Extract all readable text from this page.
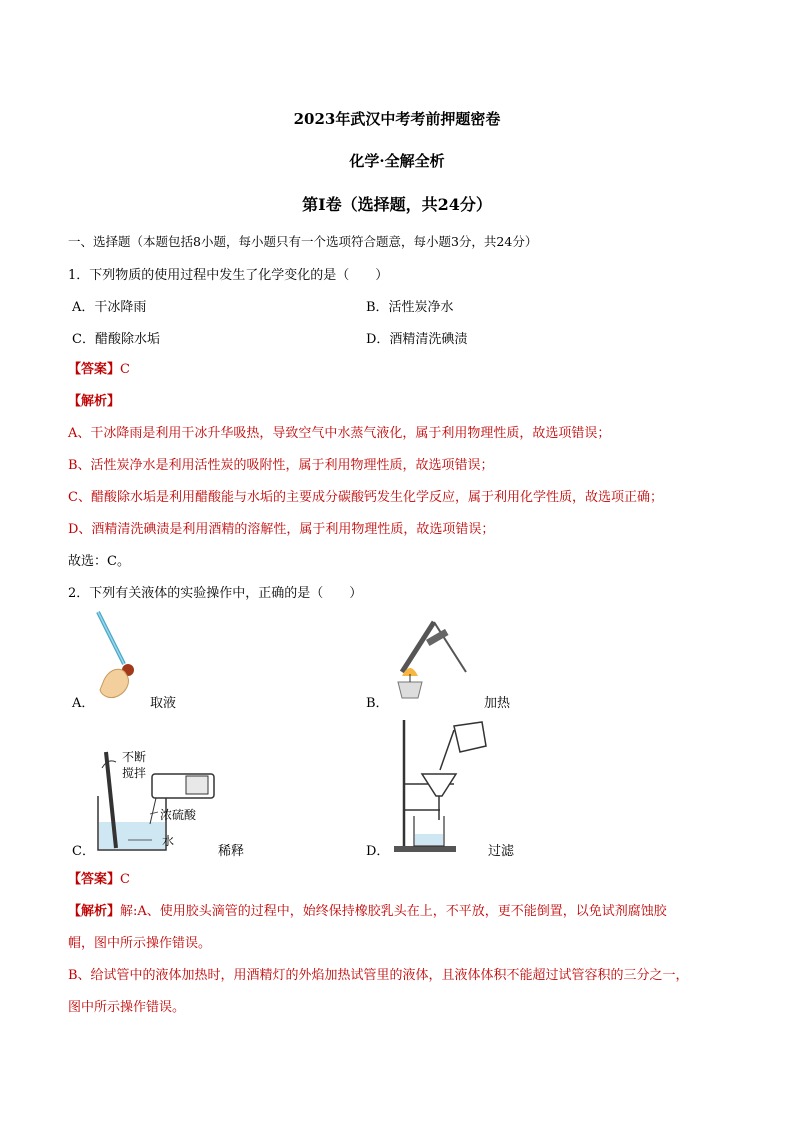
2023年武汉中考考前押题密卷
化学·全解全析
第Ⅰ卷（选择题，共24分）
一、选择题（本题包括8小题，每小题只有一个选项符合题意，每小题3分，共24分）
1．下列物质的使用过程中发生了化学变化的是（　　）
A．干冰降雨	B．活性炭净水
C．醋酸除水垢	D．酒精清洗碘渍
【答案】C
【解析】
A、干冰降雨是利用干冰升华吸热，导致空气中水蒸气液化，属于利用物理性质，故选项错误；
B、活性炭净水是利用活性炭的吸附性，属于利用物理性质，故选项错误；
C、醋酸除水垢是利用醋酸能与水垢的主要成分碳酸钙发生化学反应，属于利用化学性质，故选项正确；
D、酒精清洗碘渍是利用酒精的溶解性，属于利用物理性质，故选项错误；
故选：C。
2．下列有关液体的实验操作中，正确的是（　　）
A．	取液	B．	加热
不断
搅拌
浓硫酸
水
C．	稀释	D．	过滤
【答案】C
【解析】解:A、使用胶头滴管的过程中，始终保持橡胶乳头在上，不平放，更不能倒置，以免试剂腐蚀胶
帽，图中所示操作错误。
B、给试管中的液体加热时，用酒精灯的外焰加热试管里的液体，且液体体积不能超过试管容积的三分之一，
图中所示操作错误。
